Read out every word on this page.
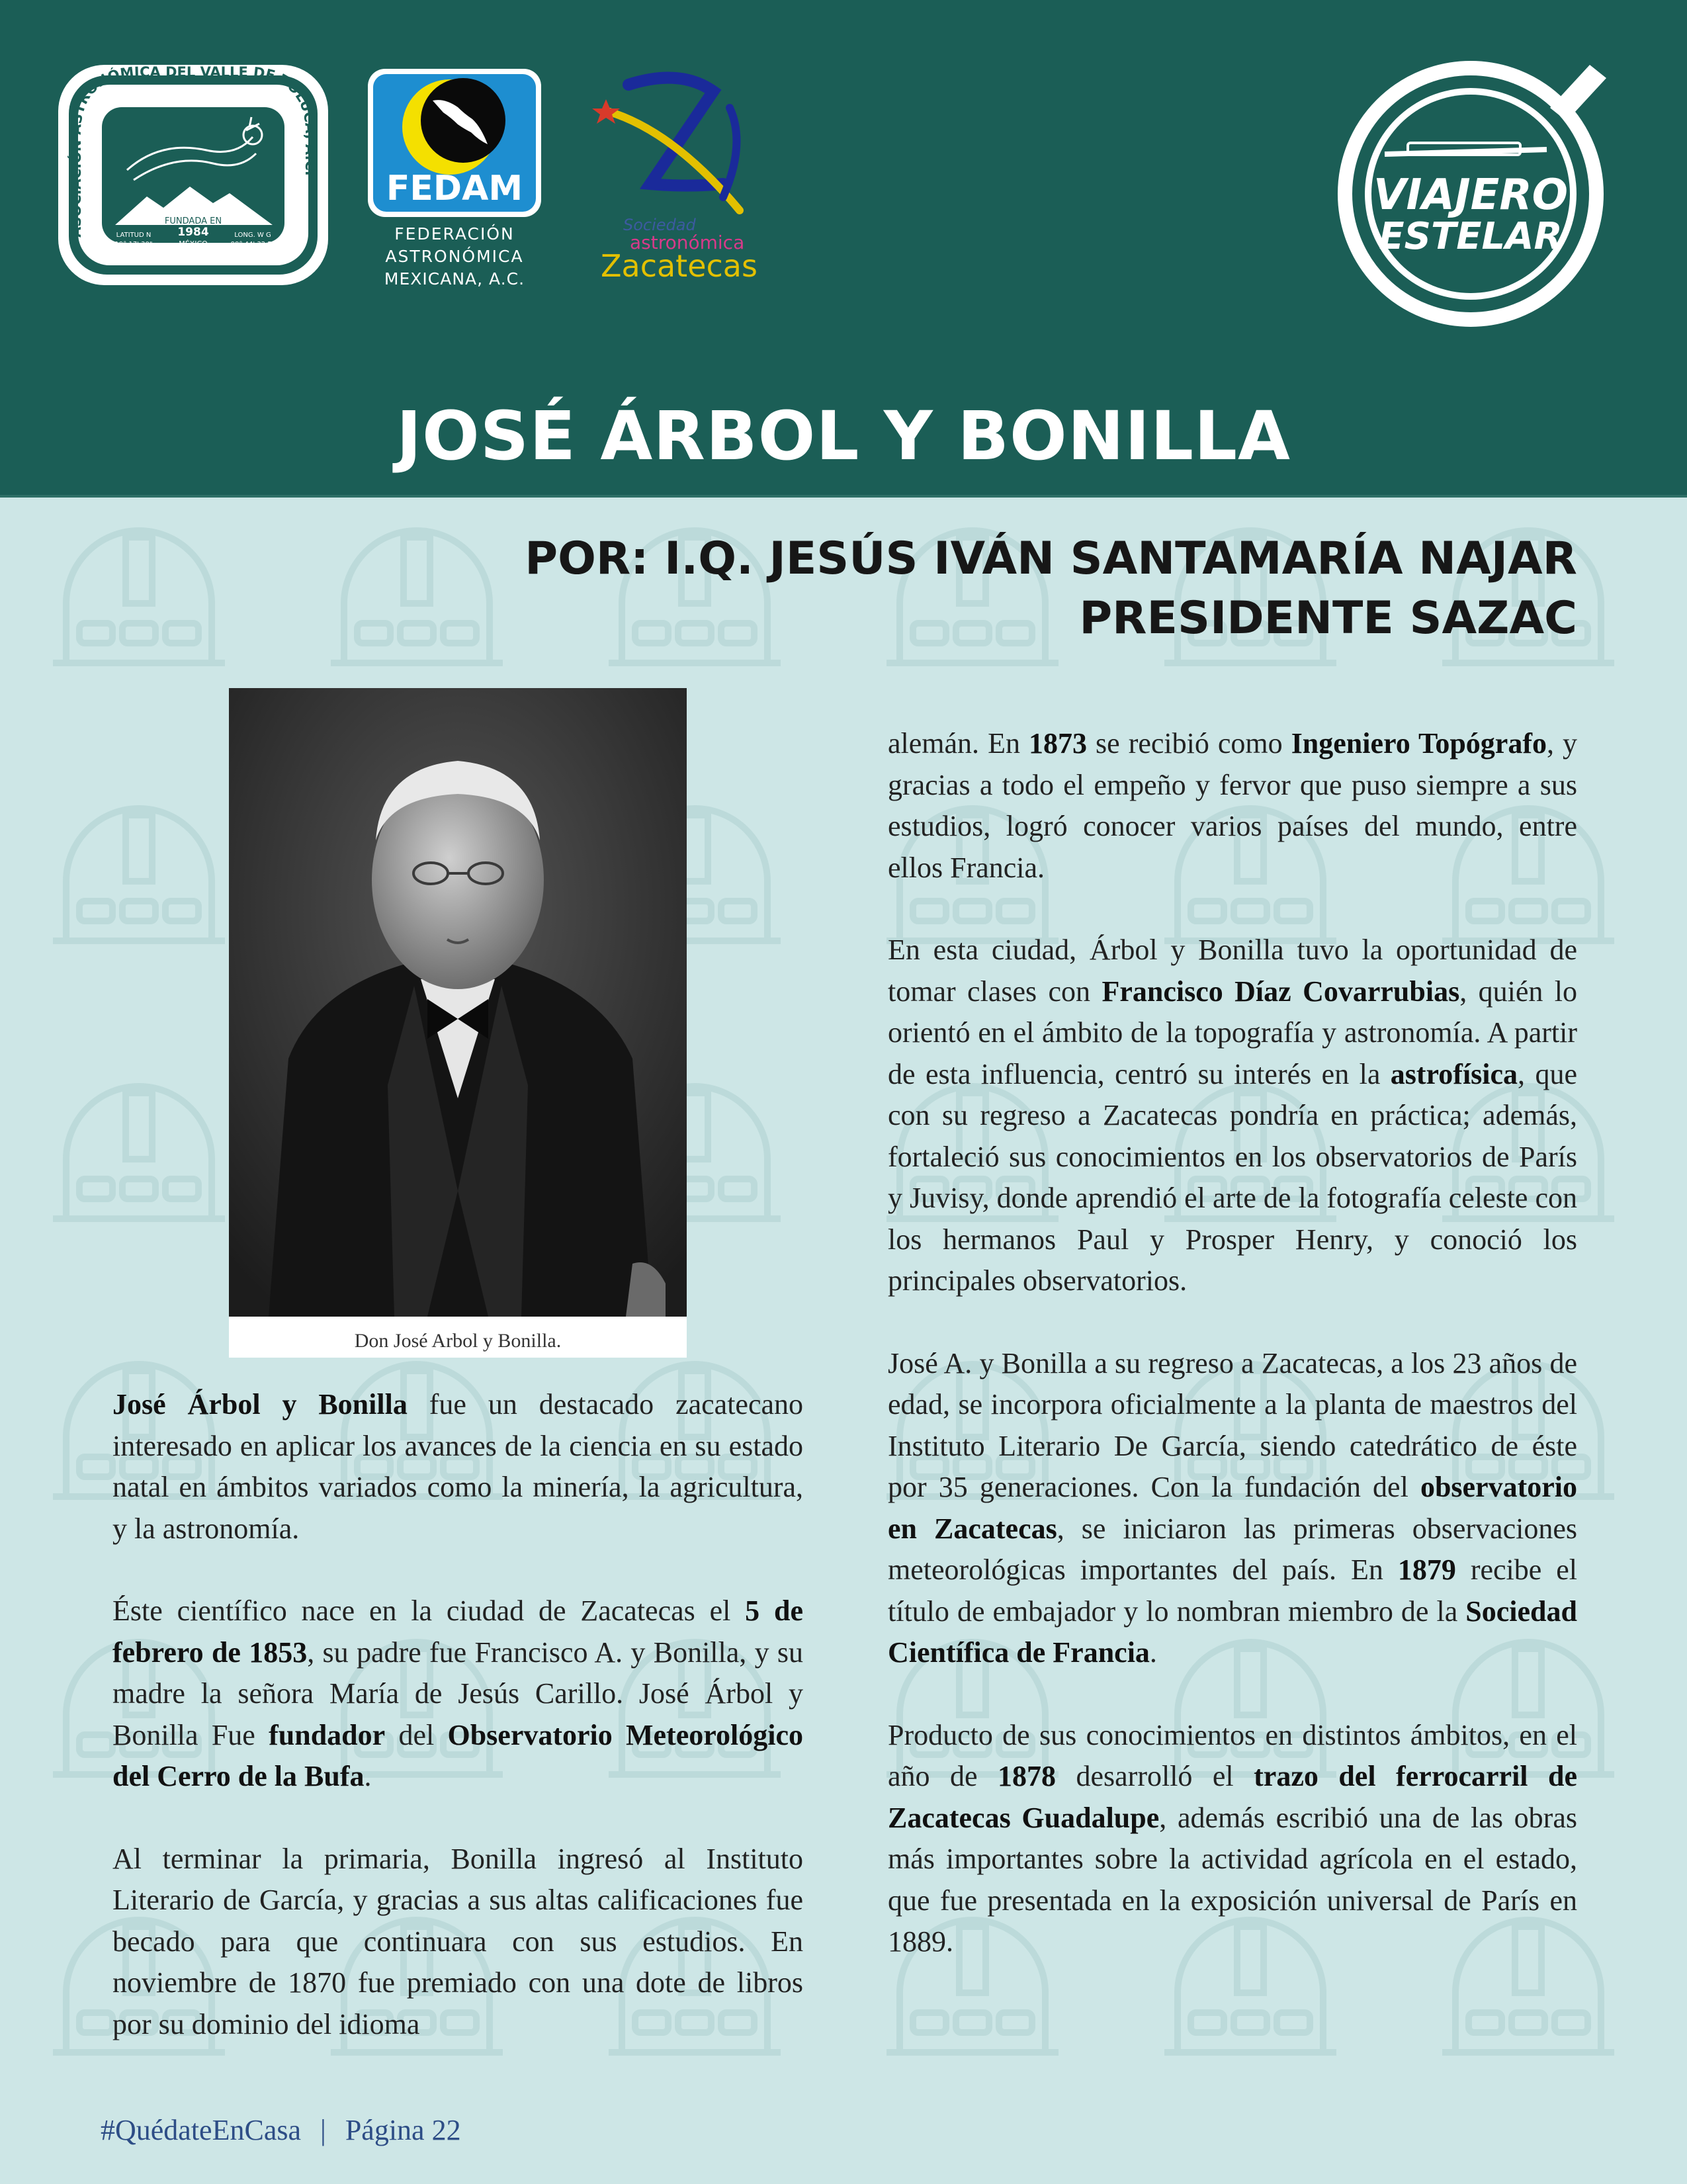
ASOCIACIÓN ASTRONÓMICA DEL VALLE DE TOLUCA, A.C.
FUNDADA EN
1984
MÉXICO
LATITUD N
19° 17' 30"
LONG. W G
99° 44' 32.5"
FEDAM
FEDERACIÓN
ASTRONÓMICA
MEXICANA, A.C.
Sociedad
astronómica
Zacatecas
VIAJERO
ESTELAR
JOSÉ ÁRBOL Y BONILLA
POR: I.Q. JESÚS IVÁN SANTAMARÍA NAJAR
PRESIDENTE SAZAC
Don José Arbol y Bonilla.

José Árbol y Bonilla fue un destacado zacatecano interesado en aplicar los avances de la ciencia en su estado natal en ámbitos variados como la minería, la agricultura, y la astronomía.

Éste científico nace en la ciudad de Zacatecas el 5 de febrero de 1853, su padre fue Francisco A. y Bonilla, y su madre la señora María de Jesús Carillo. José Árbol y Bonilla Fue fundador del Observatorio Meteorológico del Cerro de la Bufa.

Al terminar la primaria, Bonilla ingresó al Instituto Literario de García, y gracias a sus altas calificaciones fue becado para que continuara con sus estudios. En noviembre de 1870 fue premiado con una dote de libros por su dominio del idioma

alemán. En 1873 se recibió como Ingeniero Topógrafo, y gracias a todo el empeño y fervor que puso siempre a sus estudios, logró conocer varios países del mundo, entre ellos Francia.

En esta ciudad, Árbol y Bonilla tuvo la oportunidad de tomar clases con Francisco Díaz Covarrubias, quién lo orientó en el ámbito de la topografía y astronomía. A partir de esta influencia, centró su interés en la astrofísica, que con su regreso a Zacatecas pondría en práctica; además, fortaleció sus conocimientos en los observatorios de París y Juvisy, donde aprendió el arte de la fotografía celeste con los hermanos Paul y Prosper Henry, y conoció los principales observatorios.

José A. y Bonilla a su regreso a Zacatecas, a los 23 años de edad, se incorpora oficialmente a la planta de maestros del Instituto Literario De García, siendo catedrático de éste por 35 generaciones. Con la fundación del observatorio en Zacatecas, se iniciaron las primeras observaciones meteorológicas importantes del país. En 1879 recibe el título de embajador y lo nombran miembro de la Sociedad Científica de Francia.

Producto de sus conocimientos en distintos ámbitos, en el año de 1878 desarrolló el trazo del ferrocarril de Zacatecas Guadalupe, además escribió una de las obras más importantes sobre la actividad agrícola en el estado, que fue presentada en la exposición universal de París en 1889.

#QuédateEnCasa | Página 22
